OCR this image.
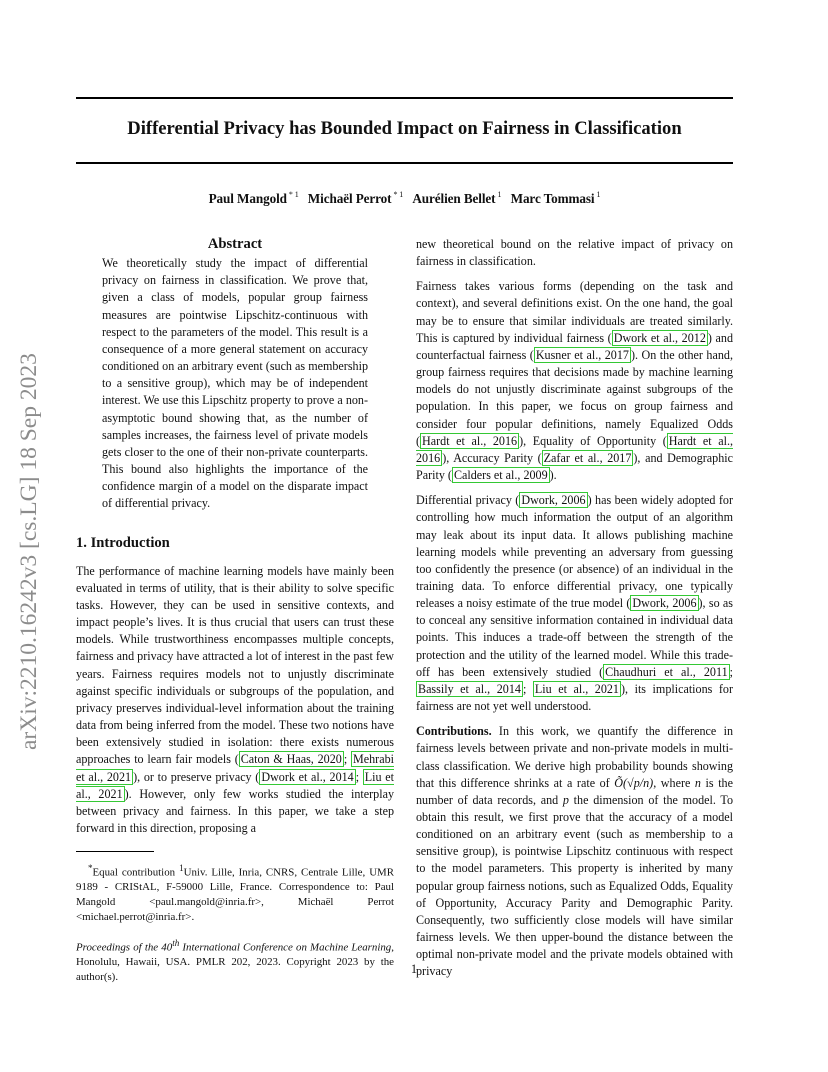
Differential Privacy has Bounded Impact on Fairness in Classification
Paul Mangold $^{* 1}$ Michaël Perrot $^{* 1}$ Aurélien Bellet $^1$ Marc Tommasi $^1$
arXiv:2210.16242v3 [cs.LG] 18 Sep 2023
Abstract

We theoretically study the impact of differential privacy on fairness in classification. We prove that, given a class of models, popular group fairness measures are pointwise Lipschitz-continuous with respect to the parameters of the model. This result is a consequence of a more general statement on accuracy conditioned on an arbitrary event (such as membership to a sensitive group), which may be of independent interest. We use this Lipschitz property to prove a non-asymptotic bound showing that, as the number of samples increases, the fairness level of private models gets closer to the one of their non-private counterparts. This bound also highlights the importance of the confidence margin of a model on the disparate impact of differential privacy.

1. Introduction

The performance of machine learning models have mainly been evaluated in terms of utility, that is their ability to solve specific tasks. However, they can be used in sensitive contexts, and impact people’s lives. It is thus crucial that users can trust these models. While trustworthiness encompasses multiple concepts, fairness and privacy have attracted a lot of interest in the past few years. Fairness requires models not to unjustly discriminate against specific individuals or subgroups of the population, and privacy preserves individual-level information about the training data from being inferred from the model. These two notions have been extensively studied in isolation: there exists numerous approaches to learn fair models ( Caton & Haas, 2020 ; Mehrabi et al., 2021 ), or to preserve privacy ( Dwork et al., 2014 ; Liu et al., 2021 ). However, only few works studied the interplay between privacy and fairness. In this paper, we take a step forward in this direction, proposing a

*Equal contribution $^1$Univ. Lille, Inria, CNRS, Centrale Lille, UMR 9189 - CRIStAL, F-59000 Lille, France. Correspondence to: Paul Mangold <paul.mangold@inria.fr>, Michaël Perrot <michael.perrot@inria.fr>.

Proceedings of the 40th International Conference on Machine Learning, Honolulu, Hawaii, USA. PMLR 202, 2023. Copyright 2023 by the author(s).

new theoretical bound on the relative impact of privacy on fairness in classification.

Fairness takes various forms (depending on the task and context), and several definitions exist. On the one hand, the goal may be to ensure that similar individuals are treated similarly. This is captured by individual fairness ( Dwork et al., 2012 ) and counterfactual fairness ( Kusner et al., 2017 ). On the other hand, group fairness requires that decisions made by machine learning models do not unjustly discriminate against subgroups of the population. In this paper, we focus on group fairness and consider four popular definitions, namely Equalized Odds ( Hardt et al., 2016 ), Equality of Opportunity ( Hardt et al., 2016 ), Accuracy Parity ( Zafar et al., 2017 ), and Demographic Parity ( Calders et al., 2009 ).

Differential privacy ( Dwork, 2006 ) has been widely adopted for controlling how much information the output of an algorithm may leak about its input data. It allows publishing machine learning models while preventing an adversary from guessing too confidently the presence (or absence) of an individual in the training data. To enforce differential privacy, one typically releases a noisy estimate of the true model ( Dwork, 2006 ), so as to conceal any sensitive information contained in individual data points. This induces a trade-off between the strength of the protection and the utility of the learned model. While this trade-off has been extensively studied ( Chaudhuri et al., 2011 ; Bassily et al., 2014 ; Liu et al., 2021 ), its implications for fairness are not yet well understood.

Contributions. In this work, we quantify the difference in fairness levels between private and non-private models in multi-class classification. We derive high probability bounds showing that this difference shrinks at a rate of Õ(√p/n), where n is the number of data records, and p the dimension of the model. To obtain this result, we first prove that the accuracy of a model conditioned on an arbitrary event (such as membership to a sensitive group), is pointwise Lipschitz continuous with respect to the model parameters. This property is inherited by many popular group fairness notions, such as Equalized Odds, Equality of Opportunity, Accuracy Parity and Demographic Parity. Consequently, two sufficiently close models will have similar fairness levels. We then upper-bound the distance between the optimal non-private model and the private models obtained with privacy

1
